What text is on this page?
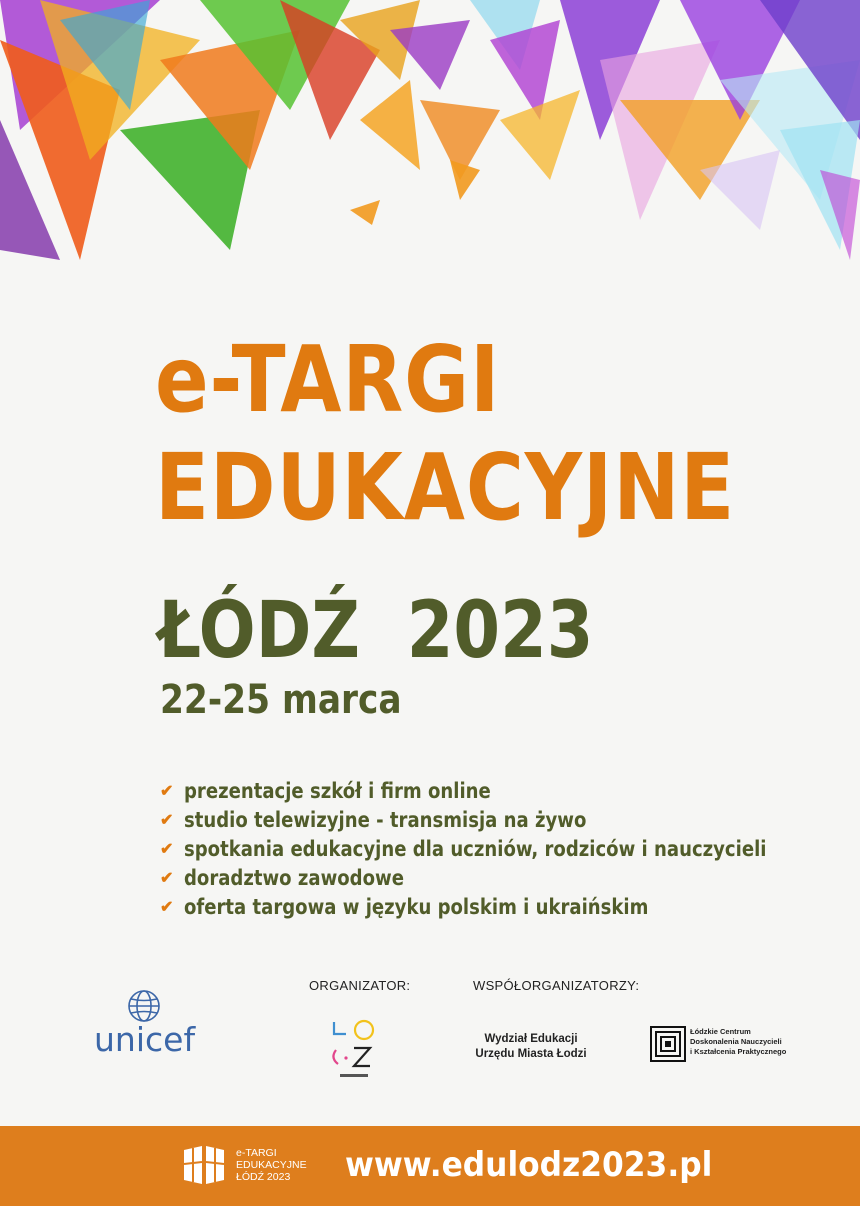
e-TARGI
EDUKACYJNE
ŁÓDŹ  2023
22-25 marca
✔ prezentacje szkół i firm online
✔ studio telewizyjne - transmisja na żywo
✔ spotkania edukacyjne dla uczniów, rodziców i nauczycieli
✔ doradztwo zawodowe
✔ oferta targowa w języku polskim i ukraińskim
ORGANIZATOR:	WSPÓŁORGANIZATORZY:
unicef	Wydział Edukacji
Urzędu Miasta Łodzi
Łódzkie Centrum
Doskonalenia Nauczycieli
i Kształcenia Praktycznego
e-TARGI
EDUKACYJNE
ŁÓDŹ 2023	www.edulodz2023.pl
